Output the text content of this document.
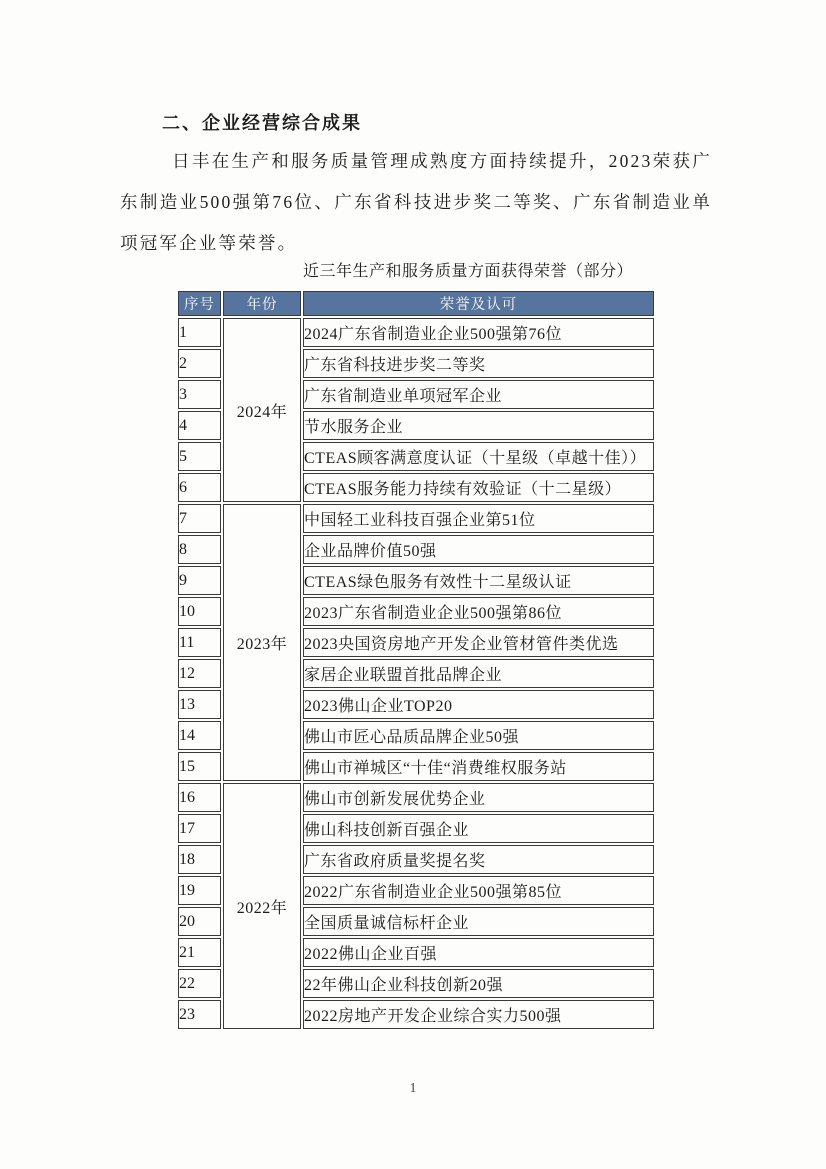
二、企业经营综合成果
日丰在生产和服务质量管理成熟度方面持续提升，2023荣获广东制造业500强第76位、广东省科技进步奖二等奖、广东省制造业单项冠军企业等荣誉。
近三年生产和服务质量方面获得荣誉（部分）
序号	年份	荣誉及认可
1	2024年	2024广东省制造业企业500强第76位
2		广东省科技进步奖二等奖
3		广东省制造业单项冠军企业
4		节水服务企业
5		CTEAS顾客满意度认证（十星级（卓越十佳））
6		CTEAS服务能力持续有效验证（十二星级）
7	2023年	中国轻工业科技百强企业第51位
8		企业品牌价值50强
9		CTEAS绿色服务有效性十二星级认证
10		2023广东省制造业企业500强第86位
11		2023央国资房地产开发企业管材管件类优选
12		家居企业联盟首批品牌企业
13		2023佛山企业TOP20
14		佛山市匠心品质品牌企业50强
15		佛山市禅城区“十佳“消费维权服务站
16	2022年	佛山市创新发展优势企业
17		佛山科技创新百强企业
18		广东省政府质量奖提名奖
19		2022广东省制造业企业500强第85位
20		全国质量诚信标杆企业
21		2022佛山企业百强
22		22年佛山企业科技创新20强
23		2022房地产开发企业综合实力500强
1
